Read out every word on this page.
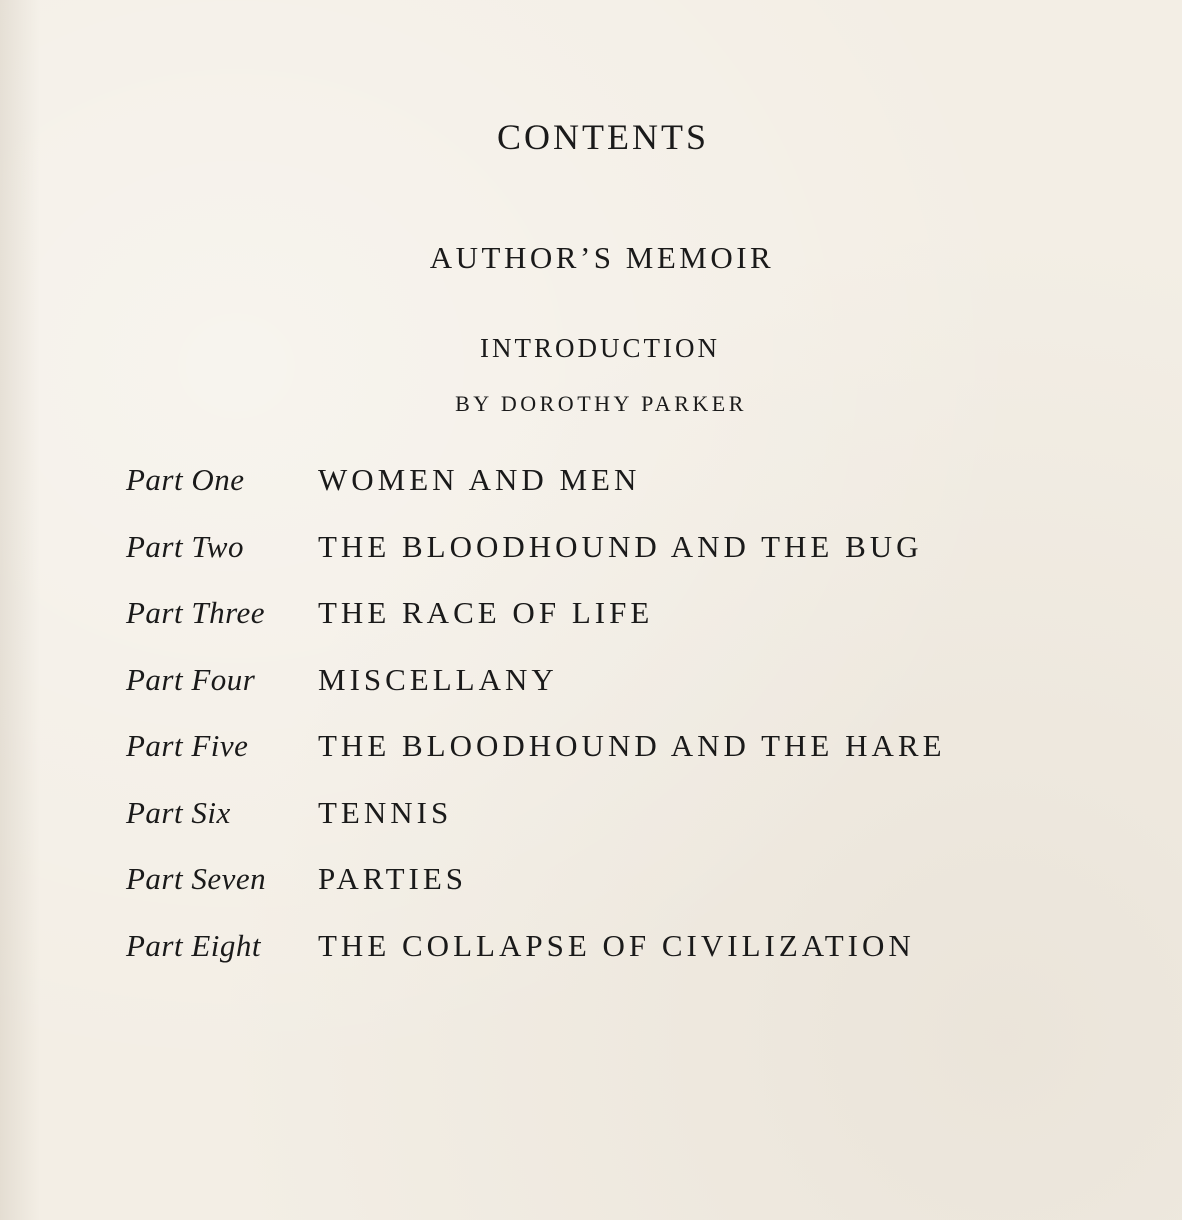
CONTENTS
AUTHOR’S MEMOIR
INTRODUCTION
BY DOROTHY PARKER
Part One WOMEN AND MEN
Part Two THE BLOODHOUND AND THE BUG
Part Three THE RACE OF LIFE
Part Four MISCELLANY
Part Five THE BLOODHOUND AND THE HARE
Part Six	TENNIS
Part Seven PARTIES
Part Eight THE COLLAPSE OF CIVILIZATION
